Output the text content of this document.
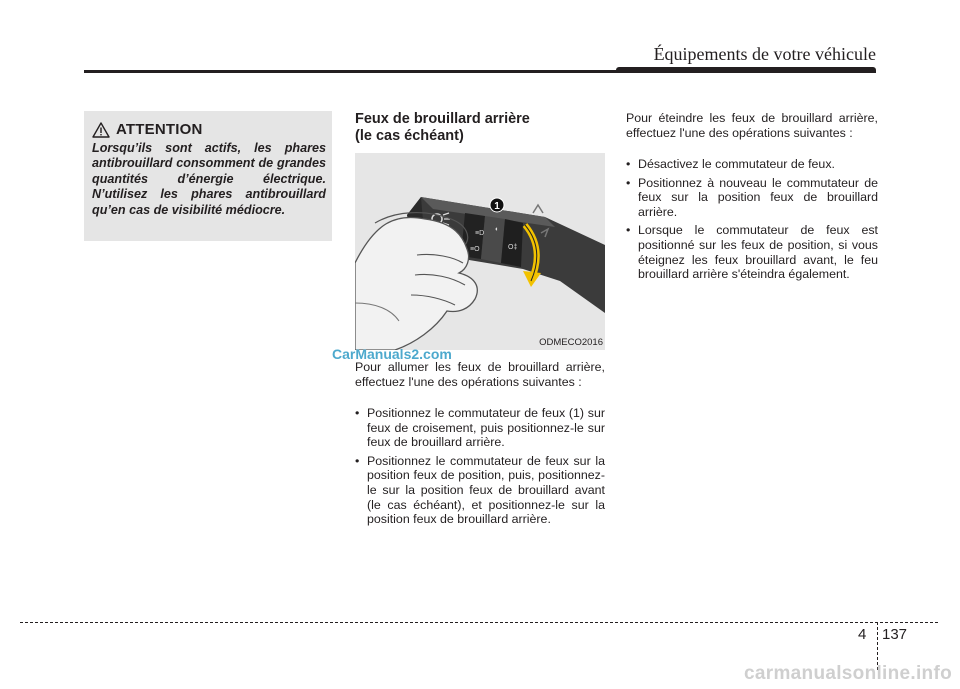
Équipements de votre véhicule
ATTENTION
Lorsqu’ils sont actifs, les phares antibrouillard consomment de grandes quantités d’énergie électrique. N’utilisez les phares antibrouillard qu’en cas de visibilité médiocre.
Feux de brouillard arrière
(le cas échéant)
≡D
≡O
◐
O‡
1
ODMECO2016
CarManuals2.com
Pour allumer les feux de brouillard arrière, effectuez l'une des opérations suivantes :
• Positionnez le commutateur de feux (1) sur feux de croisement, puis positionnez-le sur feux de brouillard arrière.
• Positionnez le commutateur de feux sur la position feux de position, puis, positionnez-le sur la position feux de brouillard avant (le cas échéant), et positionnez-le sur la position feux de brouillard arrière.
Pour éteindre les feux de brouillard arrière, effectuez l'une des opérations suivantes :
• Désactivez le commutateur de feux.
• Positionnez à nouveau le commutateur de feux sur la position feux de brouillard arrière.
• Lorsque le commutateur de feux est positionné sur les feux de position, si vous éteignez les feux brouillard avant, le feu brouillard arrière s'éteindra également.
4 137
carmanualsonline.info
